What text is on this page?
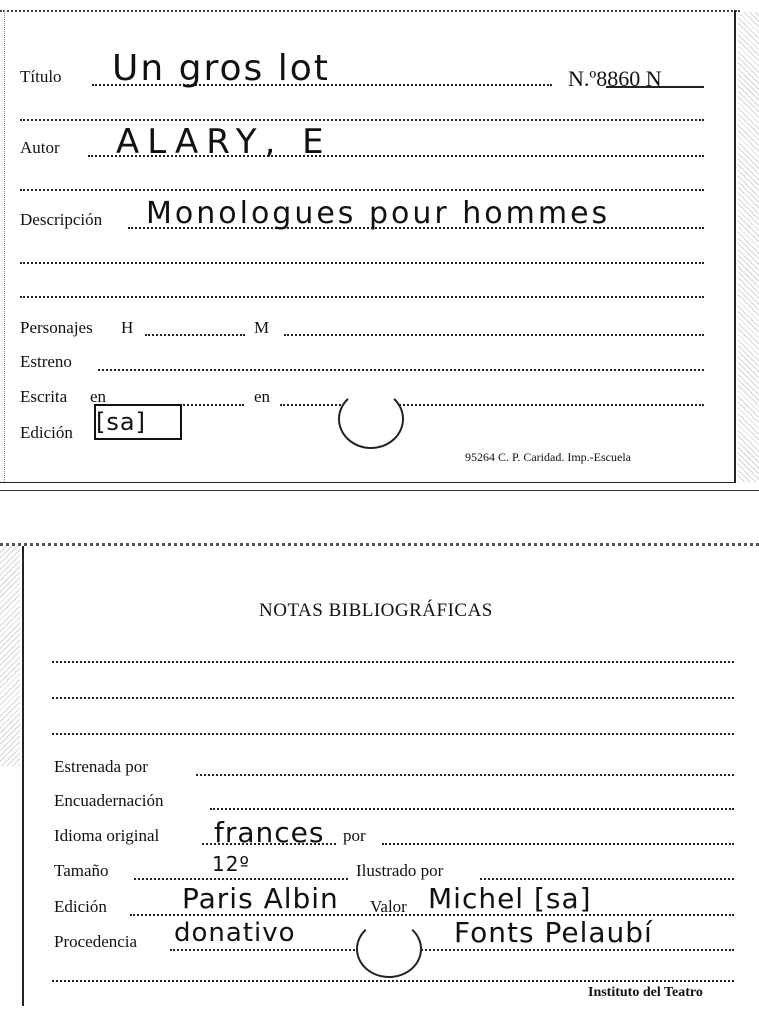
Título Un gros lot	N.º8860 N
Autor ALARY, E
Descripción Monologues pour hommes
Personajes H	M
Estreno
Escrita en	en
Edición [sa]
95264 C. P. Caridad. Imp.-Escuela
NOTAS BIBLIOGRÁFICAS
Estrenada por
Encuadernación
Idioma original frances por
Tamaño	12º	Ilustrado por
Edición	Paris Albin Valor Michel [sa]
Procedencia donativo	Fonts Pelaubí
Instituto del Teatro
